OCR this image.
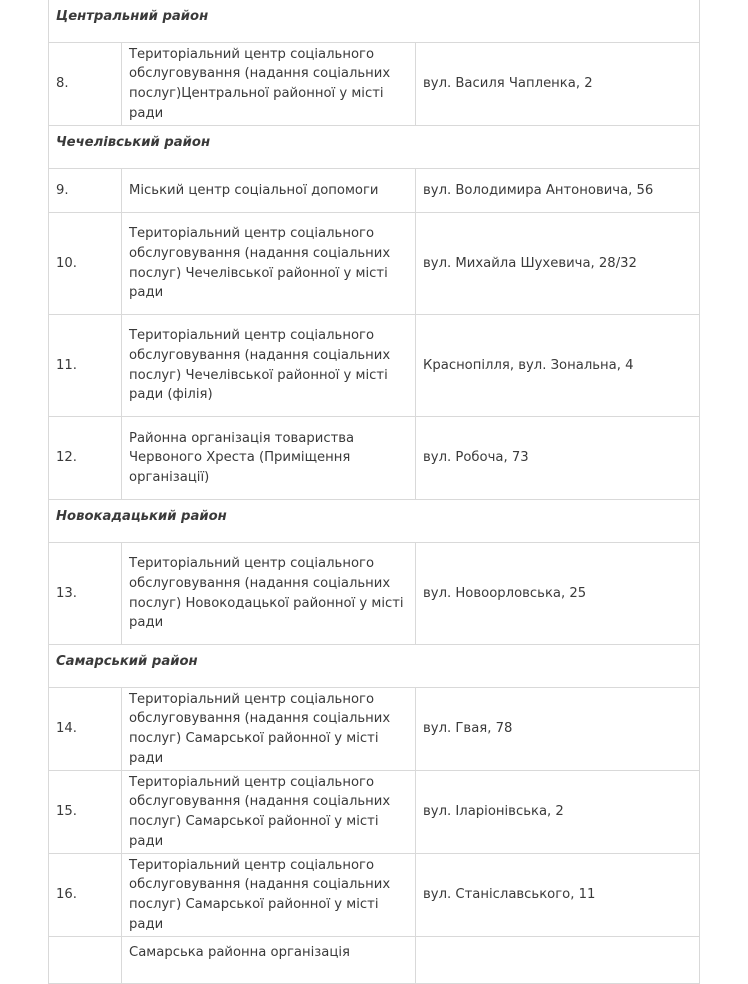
Центральний район		
8.	Територіальний центр соціального обслуговування (надання соціальних послуг)Центральної районної у місті ради	вул. Василя Чапленка, 2
Чечелівський район		
9.	Міський центр соціальної допомоги	вул. Володимира Антоновича, 56
10.	Територіальний центр соціального обслуговування (надання соціальних послуг) Чечелівської районної у місті ради	вул. Михайла Шухевича, 28/32
11.	Територіальний центр соціального обслуговування (надання соціальних послуг) Чечелівської районної у місті ради (філія)	Краснопілля, вул. Зональна, 4
12.	Районна організація товариства Червоного Хреста (Приміщення організації)	вул. Робоча, 73
Новокадацький район		
13.	Територіальний центр соціального обслуговування (надання соціальних послуг) Новокодацької районної у місті ради	вул. Новоорловська, 25
Самарський район		
14.	Територіальний центр соціального обслуговування (надання соціальних послуг) Самарської районної у місті ради	вул. Гвая, 78
15.	Територіальний центр соціального обслуговування (надання соціальних послуг) Самарської районної у місті ради	вул. Іларіонівська, 2
16.	Територіальний центр соціального обслуговування (надання соціальних послуг) Самарської районної у місті ради	вул. Станіславського, 11
	Самарська районна організація	
